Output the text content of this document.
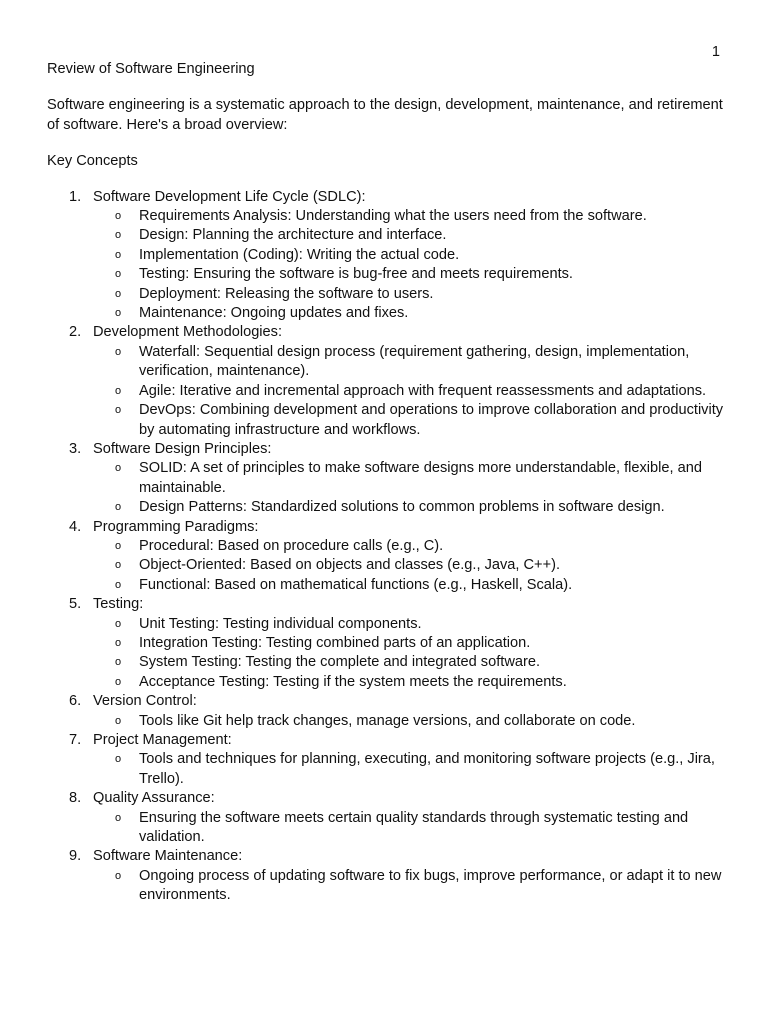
1
Review of Software Engineering
Software engineering is a systematic approach to the design, development, maintenance, and retirement of software. Here's a broad overview:
Key Concepts
1. Software Development Life Cycle (SDLC):
o Requirements Analysis: Understanding what the users need from the software.
o Design: Planning the architecture and interface.
o Implementation (Coding): Writing the actual code.
o Testing: Ensuring the software is bug-free and meets requirements.
o Deployment: Releasing the software to users.
o Maintenance: Ongoing updates and fixes.
2. Development Methodologies:
o Waterfall: Sequential design process (requirement gathering, design, implementation, verification, maintenance).
o Agile: Iterative and incremental approach with frequent reassessments and adaptations.
o DevOps: Combining development and operations to improve collaboration and productivity by automating infrastructure and workflows.
3. Software Design Principles:
o SOLID: A set of principles to make software designs more understandable, flexible, and maintainable.
o Design Patterns: Standardized solutions to common problems in software design.
4. Programming Paradigms:
o Procedural: Based on procedure calls (e.g., C).
o Object-Oriented: Based on objects and classes (e.g., Java, C++).
o Functional: Based on mathematical functions (e.g., Haskell, Scala).
5. Testing:
o Unit Testing: Testing individual components.
o Integration Testing: Testing combined parts of an application.
o System Testing: Testing the complete and integrated software.
o Acceptance Testing: Testing if the system meets the requirements.
6. Version Control:
o Tools like Git help track changes, manage versions, and collaborate on code.
7. Project Management:
o Tools and techniques for planning, executing, and monitoring software projects (e.g., Jira, Trello).
8. Quality Assurance:
o Ensuring the software meets certain quality standards through systematic testing and validation.
9. Software Maintenance:
o Ongoing process of updating software to fix bugs, improve performance, or adapt it to new environments.
